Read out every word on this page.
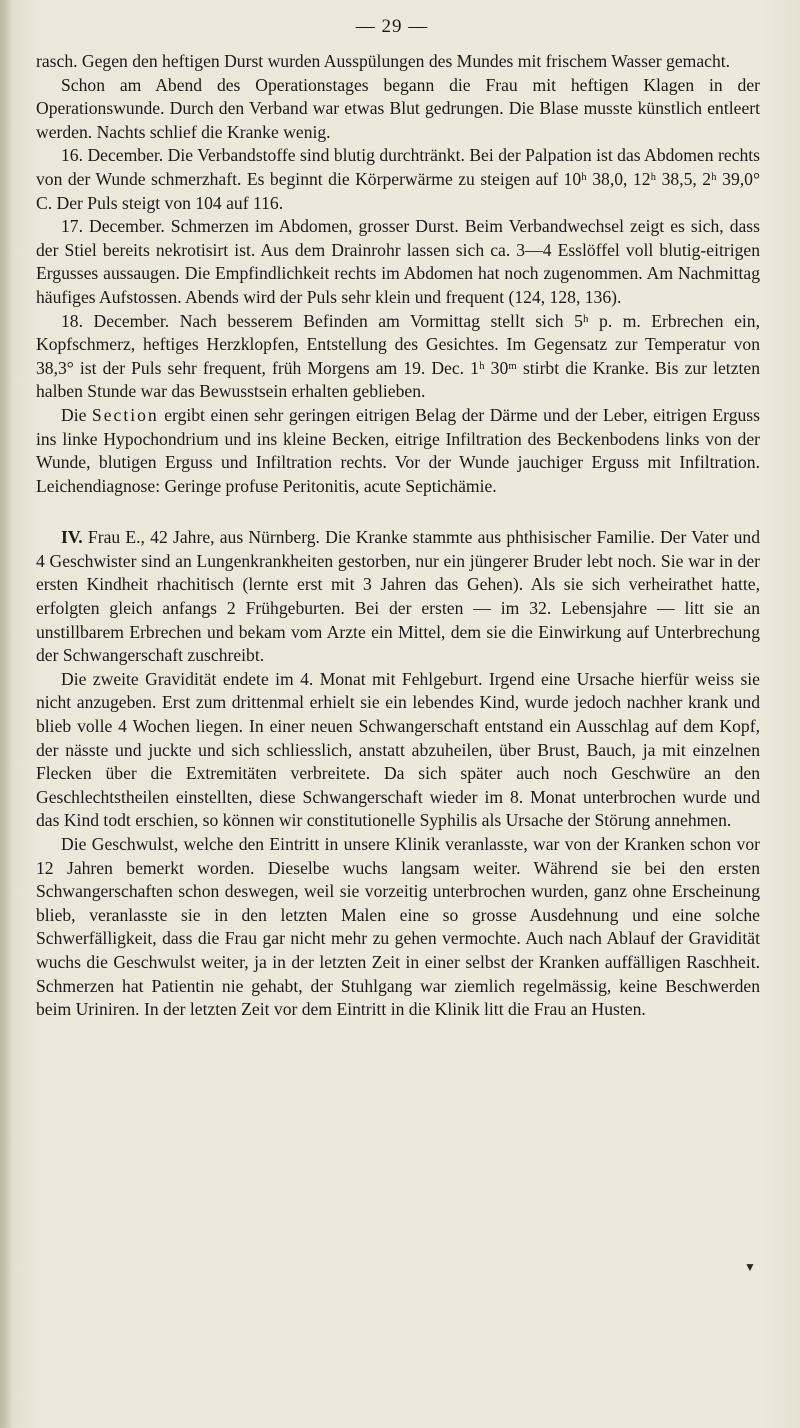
— 29 —

rasch. Gegen den heftigen Durst wurden Ausspülungen des Mundes mit frischem Wasser gemacht.

Schon am Abend des Operationstages begann die Frau mit heftigen Klagen in der Operationswunde. Durch den Verband war etwas Blut gedrungen. Die Blase musste künstlich entleert werden. Nachts schlief die Kranke wenig.

16. December. Die Verbandstoffe sind blutig durchtränkt. Bei der Palpation ist das Abdomen rechts von der Wunde schmerzhaft. Es beginnt die Körperwärme zu steigen auf 10ʰ 38,0, 12ʰ 38,5, 2ʰ 39,0° C. Der Puls steigt von 104 auf 116.

17. December. Schmerzen im Abdomen, grosser Durst. Beim Verbandwechsel zeigt es sich, dass der Stiel bereits nekrotisirt ist. Aus dem Drainrohr lassen sich ca. 3—4 Esslöffel voll blutig-eitrigen Ergusses aussaugen. Die Empfindlichkeit rechts im Abdomen hat noch zugenommen. Am Nachmittag häufiges Aufstossen. Abends wird der Puls sehr klein und frequent (124, 128, 136).

18. December. Nach besserem Befinden am Vormittag stellt sich 5ʰ p. m. Erbrechen ein, Kopfschmerz, heftiges Herzklopfen, Entstellung des Gesichtes. Im Gegensatz zur Temperatur von 38,3° ist der Puls sehr frequent, früh Morgens am 19. Dec. 1ʰ 30ᵐ stirbt die Kranke. Bis zur letzten halben Stunde war das Bewusstsein erhalten geblieben.

Die Section ergibt einen sehr geringen eitrigen Belag der Därme und der Leber, eitrigen Erguss ins linke Hypochondrium und ins kleine Becken, eitrige Infiltration des Beckenbodens links von der Wunde, blutigen Erguss und Infiltration rechts. Vor der Wunde jauchiger Erguss mit Infiltration. Leichendiagnose: Geringe profuse Peritonitis, acute Septichämie.

IV. Frau E., 42 Jahre, aus Nürnberg. Die Kranke stammte aus phthisischer Familie. Der Vater und 4 Geschwister sind an Lungenkrankheiten gestorben, nur ein jüngerer Bruder lebt noch. Sie war in der ersten Kindheit rhachitisch (lernte erst mit 3 Jahren das Gehen). Als sie sich verheirathet hatte, erfolgten gleich anfangs 2 Frühgeburten. Bei der ersten — im 32. Lebensjahre — litt sie an unstillbarem Erbrechen und bekam vom Arzte ein Mittel, dem sie die Einwirkung auf Unterbrechung der Schwangerschaft zuschreibt.

Die zweite Gravidität endete im 4. Monat mit Fehlgeburt. Irgend eine Ursache hierfür weiss sie nicht anzugeben. Erst zum drittenmal erhielt sie ein lebendes Kind, wurde jedoch nachher krank und blieb volle 4 Wochen liegen. In einer neuen Schwangerschaft entstand ein Ausschlag auf dem Kopf, der nässte und juckte und sich schliesslich, anstatt abzuheilen, über Brust, Bauch, ja mit einzelnen Flecken über die Extremitäten verbreitete. Da sich später auch noch Geschwüre an den Geschlechtstheilen einstellten, diese Schwangerschaft wieder im 8. Monat unterbrochen wurde und das Kind todt erschien, so können wir constitutionelle Syphilis als Ursache der Störung annehmen.

Die Geschwulst, welche den Eintritt in unsere Klinik veranlasste, war von der Kranken schon vor 12 Jahren bemerkt worden. Dieselbe wuchs langsam weiter. Während sie bei den ersten Schwangerschaften schon deswegen, weil sie vorzeitig unterbrochen wurden, ganz ohne Erscheinung blieb, veranlasste sie in den letzten Malen eine so grosse Ausdehnung und eine solche Schwerfälligkeit, dass die Frau gar nicht mehr zu gehen vermochte. Auch nach Ablauf der Gravidität wuchs die Geschwulst weiter, ja in der letzten Zeit in einer selbst der Kranken auffälligen Raschheit. Schmerzen hat Patientin nie gehabt, der Stuhlgang war ziemlich regelmässig, keine Beschwerden beim Uriniren. In der letzten Zeit vor dem Eintritt in die Klinik litt die Frau an Husten.

▼
